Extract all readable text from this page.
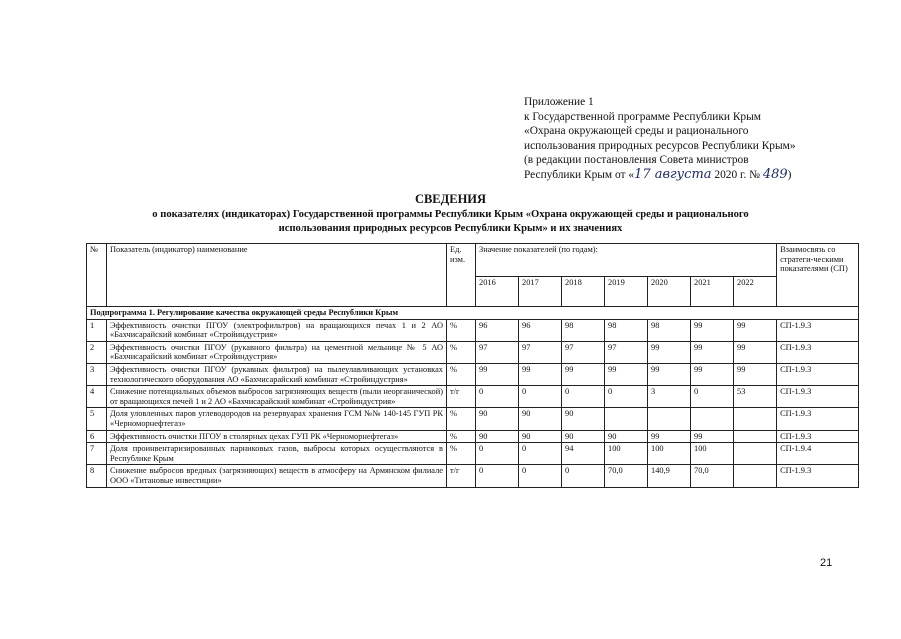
Приложение 1
к Государственной программе Республики Крым
«Охрана окружающей среды и рационального
использования природных ресурсов Республики Крым»
(в редакции постановления Совета министров
Республики Крым от «17 августа 2020 г. № 489)
СВЕДЕНИЯ
о показателях (индикаторах) Государственной программы Республики Крым «Охрана окружающей среды и рационального
использования природных ресурсов Республики Крым» и их значениях
№	Показатель (индикатор) наименование	Ед. изм.	Значение показателей (по годам):							Взаимосвязь со стратеги-ческими показателями (СП)
			2016	2017	2018	2019	2020	2021	2022	
Подпрограмма 1. Регулирование качества окружающей среды Республики Крым										
1	Эффективность очистки ПГОУ (электрофильтров) на вращающихся печах 1 и 2 АО «Бахчисарайский комбинат «Стройиндустрия»	%	96	96	98	98	98	99	99	СП-1.9.3
2	Эффективность очистки ПГОУ (рукавного фильтра) на цементной мельнице № 5 АО «Бахчисарайский комбинат «Стройиндустрия»	%	97	97	97	97	99	99	99	СП-1.9.3
3	Эффективность очистки ПГОУ (рукавных фильтров) на пылеулавливающих установках технологического оборудования АО «Бахчисарайский комбинат «Стройиндустрия»	%	99	99	99	99	99	99	99	СП-1.9.3
4	Снижение потенциальных объемов выбросов загрязняющих веществ (пыли неорганической) от вращающихся печей 1 и 2 АО «Бахчисарайский комбинат «Стройиндустрия»	т/г	0	0	0	0	3	0	53	СП-1.9.3
5	Доля уловленных паров углеводородов на резервуарах хранения ГСМ №№ 140-145 ГУП РК «Черноморнефтегаз»	%	90	90	90					СП-1.9.3
6	Эффективность очистки ПГОУ в столярных цехах ГУП РК «Черноморнефтегаз»	%	90	90	90	90	99	99		СП-1.9.3
7	Доля проинвентаризированных парниковых газов, выбросы которых осуществляются в Республике Крым	%	0	0	94	100	100	100		СП-1.9.4
8	Снижение выбросов вредных (загрязняющих) веществ в атмосферу на Армянском филиале ООО «Титановые инвестиции»	т/г	0	0	0	70,0	140,9	70,0		СП-1.9.3
21
